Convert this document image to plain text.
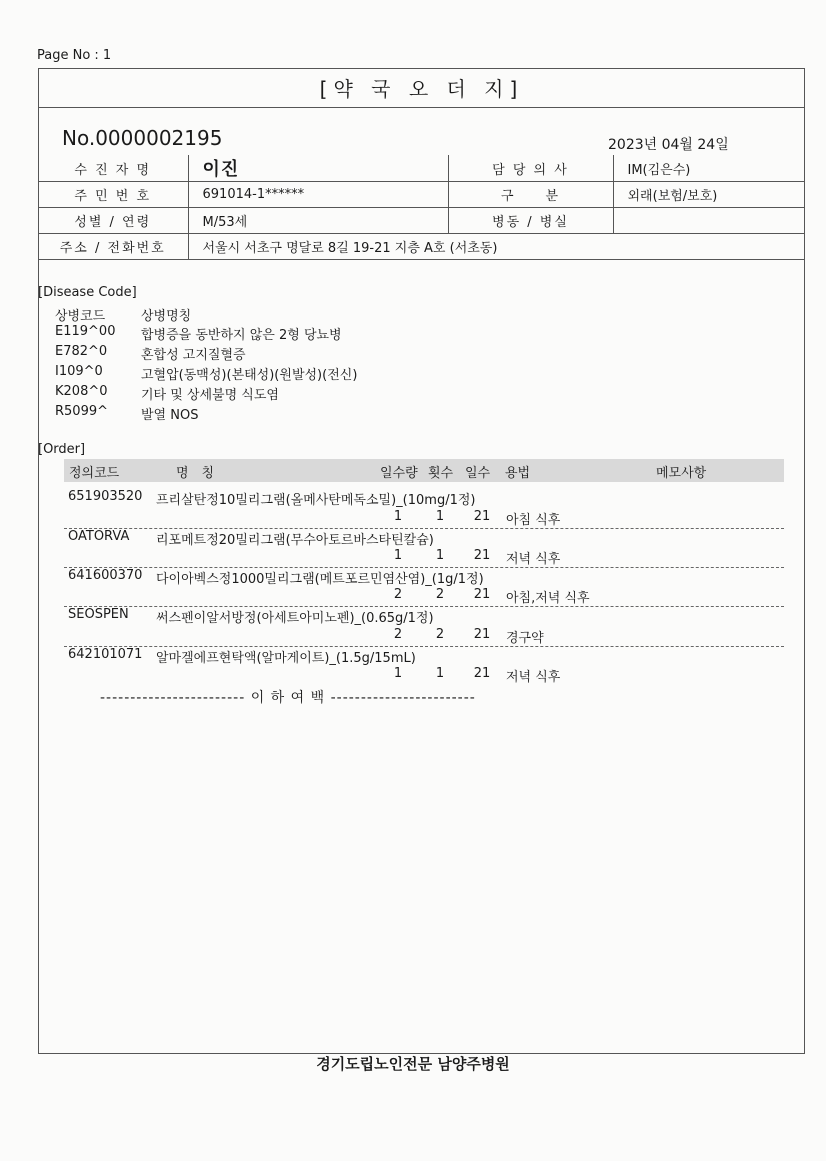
Page No : 1
[약 국 오 더 지]
No.0000002195	2023년 04월 24일
수 진 자 명	이진	담 당 의 사	IM(김은수)
주 민 번 호	691014-1******	구　　분	외래(보험/보호)
성별 / 연령	M/53세	병동 / 병실	
주소 / 전화번호	서울시 서초구 명달로 8길 19-21 지층 A호 (서초동)		
[Disease Code]
상병코드	상병명칭
E119^00 합병증을 동반하지 않은 2형 당뇨병
E782^0	혼합성 고지질혈증
I109^0	고혈압(동맥성)(본태성)(원발성)(전신)
K208^0	기타 및 상세불명 식도염
R5099^	발열 NOS
[Order]
정의코드	명　칭	일수량 횟수 일수 용법	메모사항
651903520 프리살탄정10밀리그램(올메사탄메독소밀)_(10mg/1정)
1	1	21 아침 식후
OATORVA 리포메트정20밀리그램(무수아토르바스타틴칼슘)
1	1	21 저녁 식후
641600370 다이아벡스정1000밀리그램(메트포르민염산염)_(1g/1정)
2	2	21 아침,저녁 식후
SEOSPEN 써스펜이알서방정(아세트아미노펜)_(0.65g/1정)
2	2	21 경구약
642101071 알마겔에프현탁액(알마게이트)_(1.5g/15mL)
1	1	21 저녁 식후
------------------------ 이 하 여 백 ------------------------
경기도립노인전문 남양주병원
